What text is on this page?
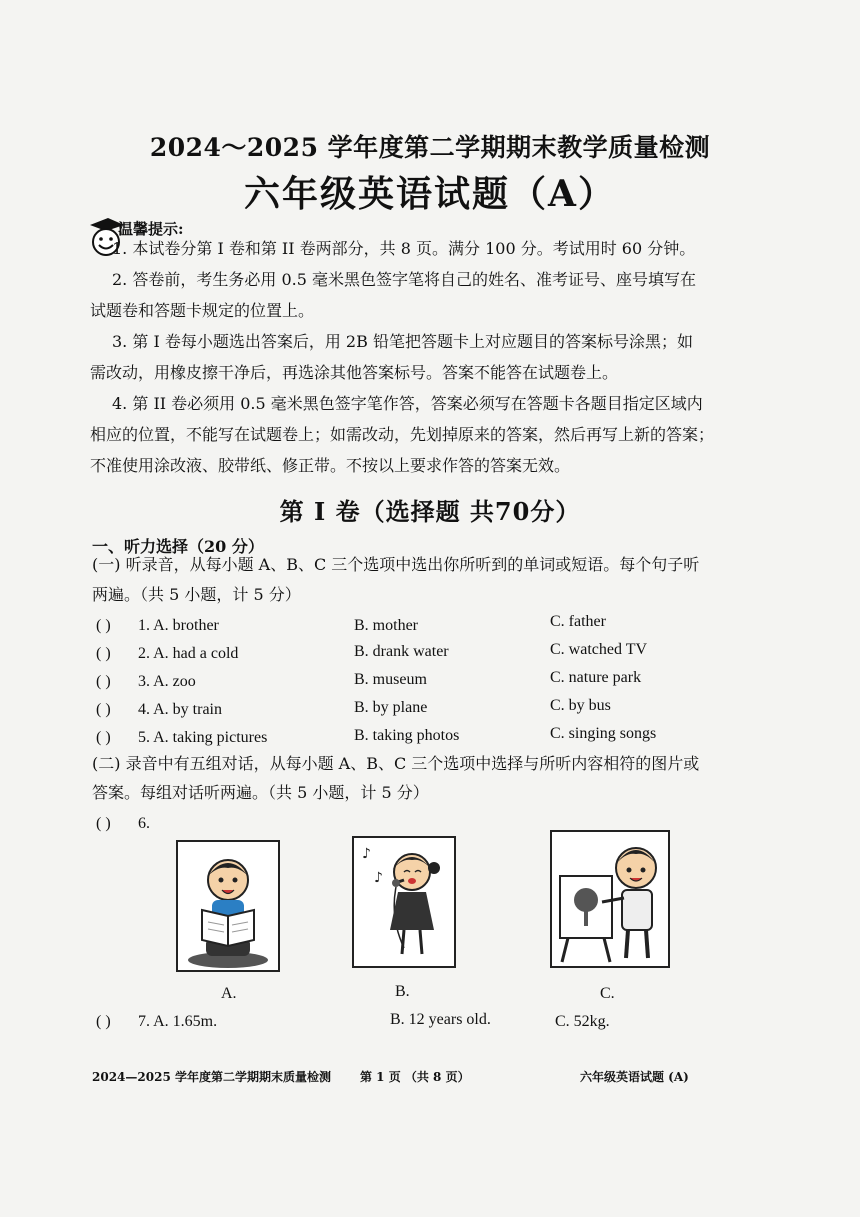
2024～2025 学年度第二学期期末教学质量检测
六年级英语试题（A）
温馨提示:
1. 本试卷分第 I 卷和第 II 卷两部分，共 8 页。满分 100 分。考试用时 60 分钟。
2. 答卷前，考生务必用 0.5 毫米黑色签字笔将自己的姓名、准考证号、座号填写在
试题卷和答题卡规定的位置上。
3. 第 I 卷每小题选出答案后，用 2B 铅笔把答题卡上对应题目的答案标号涂黑；如
需改动，用橡皮擦干净后，再选涂其他答案标号。答案不能答在试题卷上。
4. 第 II 卷必须用 0.5 毫米黑色签字笔作答，答案必须写在答题卡各题目指定区域内
相应的位置，不能写在试题卷上；如需改动，先划掉原来的答案，然后再写上新的答案；
不准使用涂改液、胶带纸、修正带。不按以上要求作答的答案无效。
第 I 卷（选择题 共70分）
一、听力选择（20 分）
(一) 听录音，从每小题 A、B、C 三个选项中选出你所听到的单词或短语。每个句子听
两遍。（共 5 小题，计 5 分）
( ) 1. A. brother	B. mother	C. father
( ) 2. A. had a cold	B. drank water	C. watched TV
( ) 3. A. zoo	B. museum	C. nature park
( ) 4. A. by train	B. by plane	C. by bus
( ) 5. A. taking pictures	B. taking photos	C. singing songs
(二) 录音中有五组对话，从每小题 A、B、C 三个选项中选择与所听内容相符的图片或
答案。每组对话听两遍。（共 5 小题，计 5 分）
( ) 6.
♪
♪
A.	B.	C.
( ) 7. A. 1.65m.	B. 12 years old.	C. 52kg.
2024—2025 学年度第二学期期末质量检测 第 1 页 （共 8 页）	六年级英语试题 (A)
